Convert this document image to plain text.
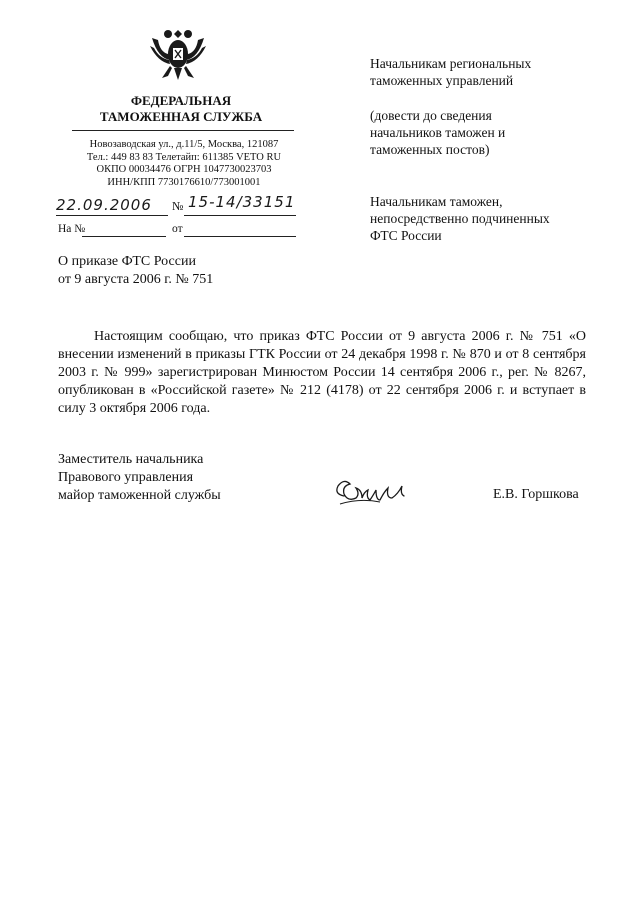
ФЕДЕРАЛЬНАЯ
ТАМОЖЕННАЯ СЛУЖБА
Новозаводская ул., д.11/5, Москва, 121087
Тел.: 449 83 83 Телетайп: 611385 VETO RU
ОКПО 00034476 ОГРН 1047730023703
ИНН/КПП 7730176610/773001001
22.09.2006 № 15-14/33151
На №	от
Начальникам региональных
таможенных управлений
(довести до сведения
начальников таможен и
таможенных постов)
Начальникам таможен,
непосредственно подчиненных
ФТС России
О приказе ФТС России
от 9 августа 2006 г. № 751

Настоящим сообщаю, что приказ ФТС России от 9 августа 2006 г. № 751 «О внесении изменений в приказы ГТК России от 24 декабря 1998 г. № 870 и от 8 сентября 2003 г. № 999» зарегистрирован Минюстом России 14 сентября 2006 г., рег. № 8267, опубликован в «Российской газете» № 212 (4178) от 22 сентября 2006 г. и вступает в силу 3 октября 2006 года.

Заместитель начальника
Правового управления
майор таможенной службы	Е.В. Горшкова
